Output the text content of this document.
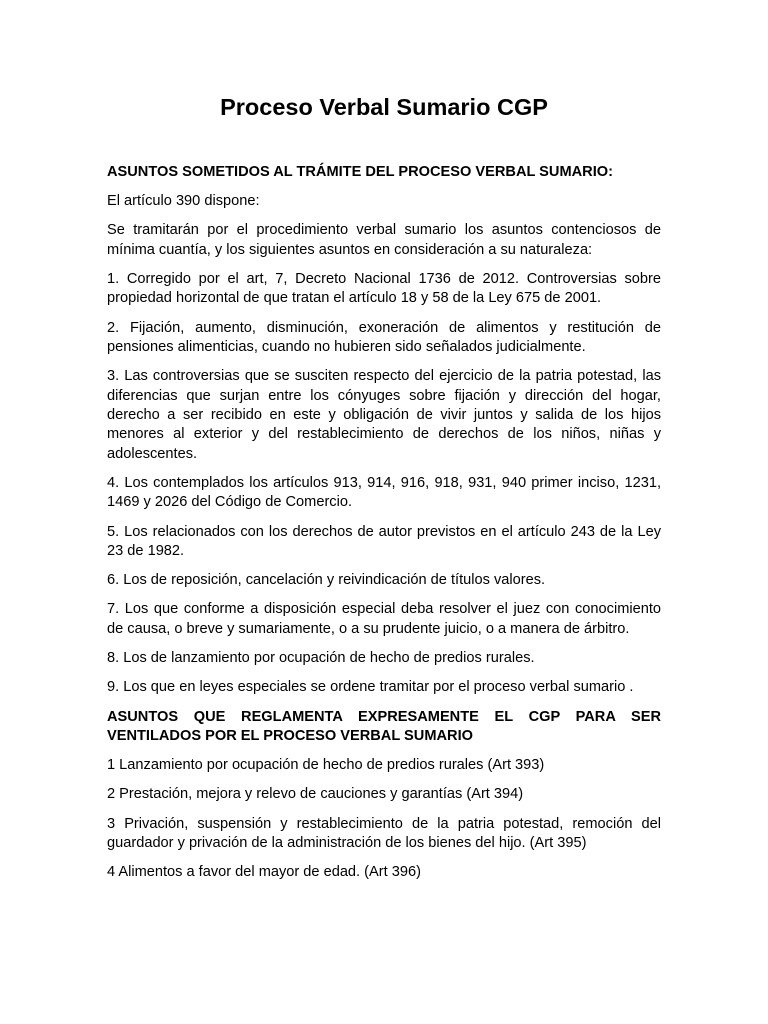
Proceso Verbal Sumario CGP

ASUNTOS SOMETIDOS AL TRÁMITE DEL PROCESO VERBAL SUMARIO:

El artículo 390 dispone:

Se tramitarán por el procedimiento verbal sumario los asuntos contenciosos de mínima cuantía, y los siguientes asuntos en consideración a su naturaleza:

1. Corregido por el art, 7, Decreto Nacional 1736 de 2012. Controversias sobre propiedad horizontal de que tratan el artículo 18 y 58 de la Ley 675 de 2001.

2. Fijación, aumento, disminución, exoneración de alimentos y restitución de pensiones alimenticias, cuando no hubieren sido señalados judicialmente.

3. Las controversias que se susciten respecto del ejercicio de la patria potestad, las diferencias que surjan entre los cónyuges sobre fijación y dirección del hogar, derecho a ser recibido en este y obligación de vivir juntos y salida de los hijos menores al exterior y del restablecimiento de derechos de los niños, niñas y adolescentes.

4. Los contemplados los artículos 913, 914, 916, 918, 931, 940 primer inciso, 1231, 1469 y 2026 del Código de Comercio.

5. Los relacionados con los derechos de autor previstos en el artículo 243 de la Ley 23 de 1982.

6. Los de reposición, cancelación y reivindicación de títulos valores.

7. Los que conforme a disposición especial deba resolver el juez con conocimiento de causa, o breve y sumariamente, o a su prudente juicio, o a manera de árbitro.

8. Los de lanzamiento por ocupación de hecho de predios rurales.

9. Los que en leyes especiales se ordene tramitar por el proceso verbal sumario .

ASUNTOS QUE REGLAMENTA EXPRESAMENTE EL CGP PARA SER VENTILADOS POR EL PROCESO VERBAL SUMARIO

1 Lanzamiento por ocupación de hecho de predios rurales (Art 393)

2 Prestación, mejora y relevo de cauciones y garantías (Art 394)

3 Privación, suspensión y restablecimiento de la patria potestad, remoción del guardador y privación de la administración de los bienes del hijo. (Art 395)

4 Alimentos a favor del mayor de edad. (Art 396)
